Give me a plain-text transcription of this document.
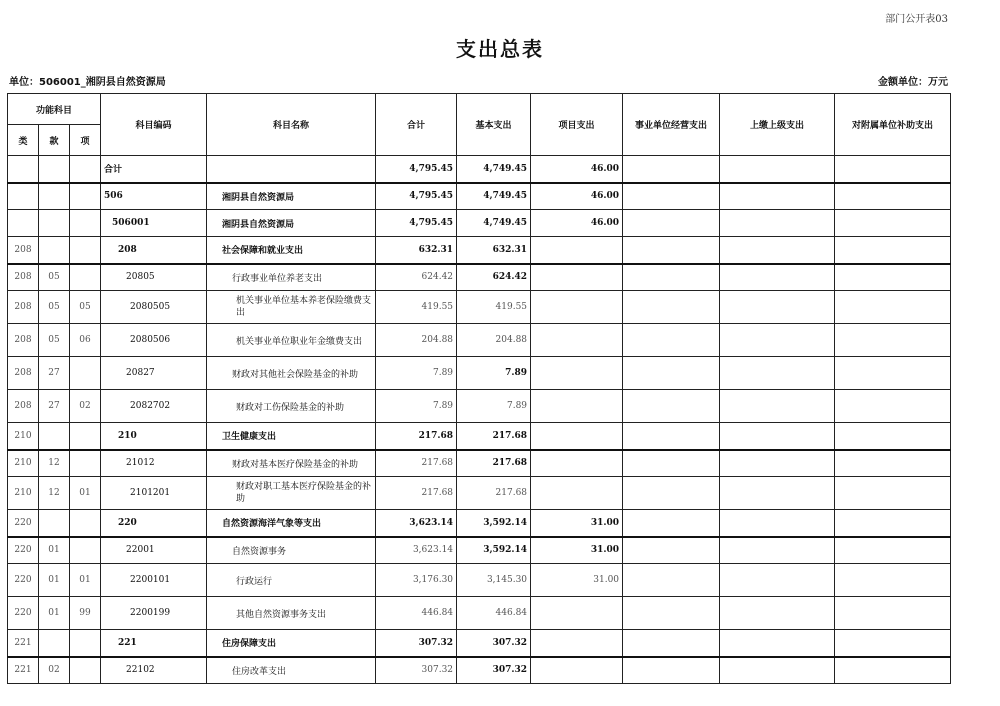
部门公开表03
支出总表
单位：506001_湘阴县自然资源局	金额单位：万元
功能科目			科目编码	科目名称	合计	基本支出	项目支出	事业单位经营支出	上缴上级支出	对附属单位补助支出
类	款	项								
			合计		4,795.45	4,749.45	46.00			
			506	湘阴县自然资源局	4,795.45	4,749.45	46.00			
			506001	湘阴县自然资源局	4,795.45	4,749.45	46.00			
208			208	社会保障和就业支出	632.31	632.31				
208	05		20805	行政事业单位养老支出	624.42	624.42				
208	05	05	2080505	机关事业单位基本养老保险缴费支出	419.55	419.55				
208	05	06	2080506	机关事业单位职业年金缴费支出	204.88	204.88				
208	27		20827	财政对其他社会保险基金的补助	7.89	7.89				
208	27	02	2082702	财政对工伤保险基金的补助	7.89	7.89				
210			210	卫生健康支出	217.68	217.68				
210	12		21012	财政对基本医疗保险基金的补助	217.68	217.68				
210	12	01	2101201	财政对职工基本医疗保险基金的补助	217.68	217.68				
220			220	自然资源海洋气象等支出	3,623.14	3,592.14	31.00			
220	01		22001	自然资源事务	3,623.14	3,592.14	31.00			
220	01	01	2200101	行政运行	3,176.30	3,145.30	31.00			
220	01	99	2200199	其他自然资源事务支出	446.84	446.84				
221			221	住房保障支出	307.32	307.32				
221	02		22102	住房改革支出	307.32	307.32				
